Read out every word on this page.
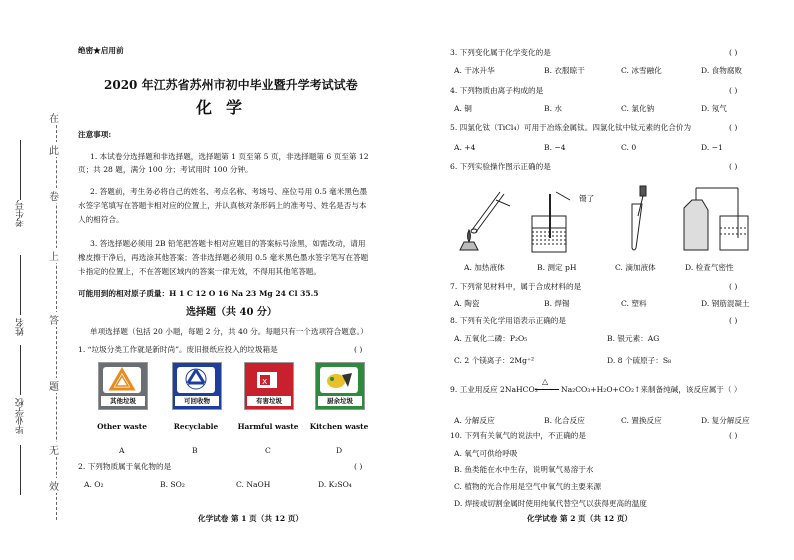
在
此
卷
上
答
题
无
效
考生号
姓名
毕业学校
绝密★启用前
2020 年江苏省苏州市初中毕业暨升学考试试卷
化学
注意事项:
1. 本试卷分选择题和非选择题，选择题第 1 页至第 5 页，非选择题第 6 页至第 12
页；共 28 题，满分 100 分；考试用时 100 分钟。
2. 答题前，考生务必将自己的姓名、考点名称、考场号、座位号用 0.5 毫米黑色墨
水签字笔填写在答题卡相对应的位置上，并认真核对条形码上的准考号、姓名是否与本
人的相符合。
3. 答选择题必须用 2B 铅笔把答题卡相对应题目的答案标号涂黑，如需改动，请用
橡皮擦干净后，再选涂其他答案；答非选择题必须用 0.5 毫米黑色墨水签字笔写在答题
卡指定的位置上，不在答题区域内的答案一律无效，不得用其他笔答题。
可能用到的相对原子质量：H 1 C 12 O 16 Na 23 Mg 24 Cl 35.5
选择题（共 40 分）
单项选择题（包括 20 小题，每题 2 分，共 40 分。每题只有一个选项符合题意。）
1. “垃圾分类工作就是新时尚”。废旧报纸应投入的垃圾箱是	( )
其他垃圾	可回收物
x
有害垃圾	厨余垃圾
Other waste	Recyclable	Harmful waste	Kitchen waste
A	B	C	D
2. 下列物质属于氧化物的是	( )
A. O₂	B. SO₂	C. NaOH	D. K₂SO₄
化学试卷 第 1 页（共 12 页）
3. 下列变化属于化学变化的是	( )
A. 干冰升华	B. 衣服晾干	C. 冰雪融化	D. 食物腐败
4. 下列物质由离子构成的是	( )
A. 铜	B. 水	C. 氯化钠	D. 氖气
5. 四氯化钛（TiCl₄）可用于冶炼金属钛。四氯化钛中钛元素的化合价为	( )
A. +4	B. −4	C. 0	D. −1
6. 下列实验操作图示正确的是	( )
镊了
A. 加热液体	B. 测定 pH	C. 滴加液体	D. 检查气密性
7. 下列常见材料中，属于合成材料的是	( )
A. 陶瓷	B. 焊锡	C. 塑料	D. 钢筋混凝土
8. 下列有关化学用语表示正确的是	( )
A. 五氧化二磷：P₂O₅	B. 银元素：AG
C. 2 个镁离子：2Mg⁺²	D. 8 个硫原子：S₈
9. 工业用反应 2NaHCO₃
△
Na₂CO₃+H₂O+CO₂↑来制备纯碱，该反应属于（ ）
A. 分解反应	B. 化合反应	C. 置换反应	D. 复分解反应
10. 下列有关氧气的说法中，不正确的是	( )
A. 氧气可供给呼吸
B. 鱼类能在水中生存，说明氧气易溶于水
C. 植物的光合作用是空气中氧气的主要来源
D. 焊接或切割金属时使用纯氧代替空气以获得更高的温度
化学试卷 第 2 页（共 12 页）
